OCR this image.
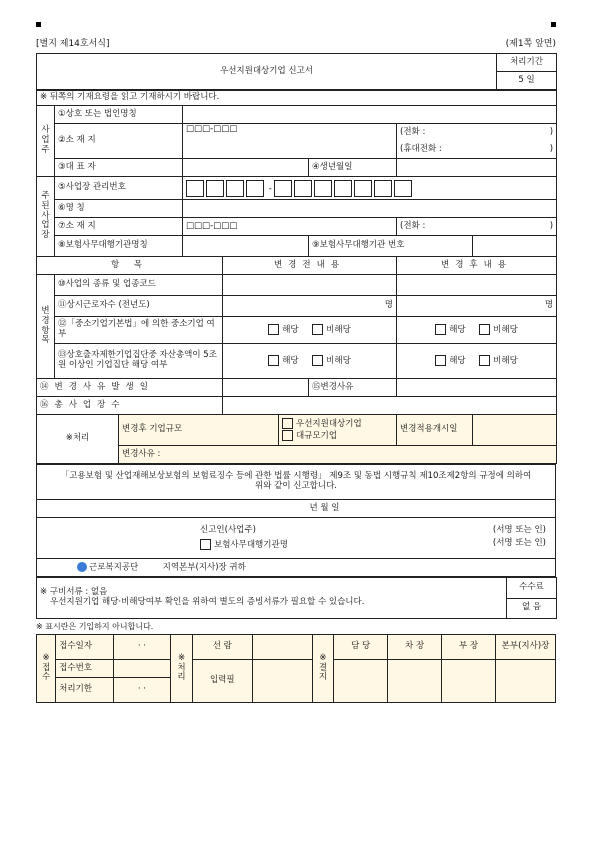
[별지 제14호서식]	(제1쪽 앞면)
우선지원대상기업 신고서	처리기간
5 일
※ 뒤쪽의 기재요령을 읽고 기재하시기 바랍니다.								
사업주	①상호 또는 법인명칭							
	②소 재 지		□□□-□□□				(전화 : )	

							(휴대전화 : )	

	③대 표 자					④생년월일		
주된사업장	⑤사업장 관리번호		-					
	⑥명 칭							
	⑦소 재 지		□□□-□□□				(전화 : )	

	⑧보험사무대행기관명칭					⑨보험사무대행기관 번호		
항 목				변경전내용			변경후내용	
변경항목	⑩사업의 종류 및 업종코드							
	⑪상시근로자수 (전년도)			명			명	
	⑫「중소기업기본법」에 의한 중소기업 여부			해당 비해당			해당 비해당	
	⑬상호출자제한기업집단중 자산총액이 5조원 이상인 기업집단 해당 여부			해당 비해당			해당 비해당	
⑭변경사유발생일						⑮변경사유		
⑯총사업장수								
※처리		변경후 기업규모			우선지원대상기업
대규모기업		변경적용개시일	
		변경사유 :						
「고용보험 및 산업재해보상보험의 보험료징수 등에 관한 법률 시행령」 제9조 및 동법 시행규칙 제10조제2항의 규정에 의하여 위와 같이 신고합니다.
년 월 일

신고인(사업주)	(서명 또는 인)
보험사무대행기관명	(서명 또는 인)

근로복지공단	지역본부(지사)장 귀하
※ 구비서류 : 없음
우선지원기업 해당·비해당여부 확인을 위하여 별도의 증빙서류가 필요할 수 있습니다.
	수수료
없 음
※ 표시란은 기입하지 아니합니다.
※접수	접수일자	· ·	※처리	선 람		※결지	담 당	차 장	부 장	본부(지사)장
	접수번호			입력필						
	처리기한	· ·								
